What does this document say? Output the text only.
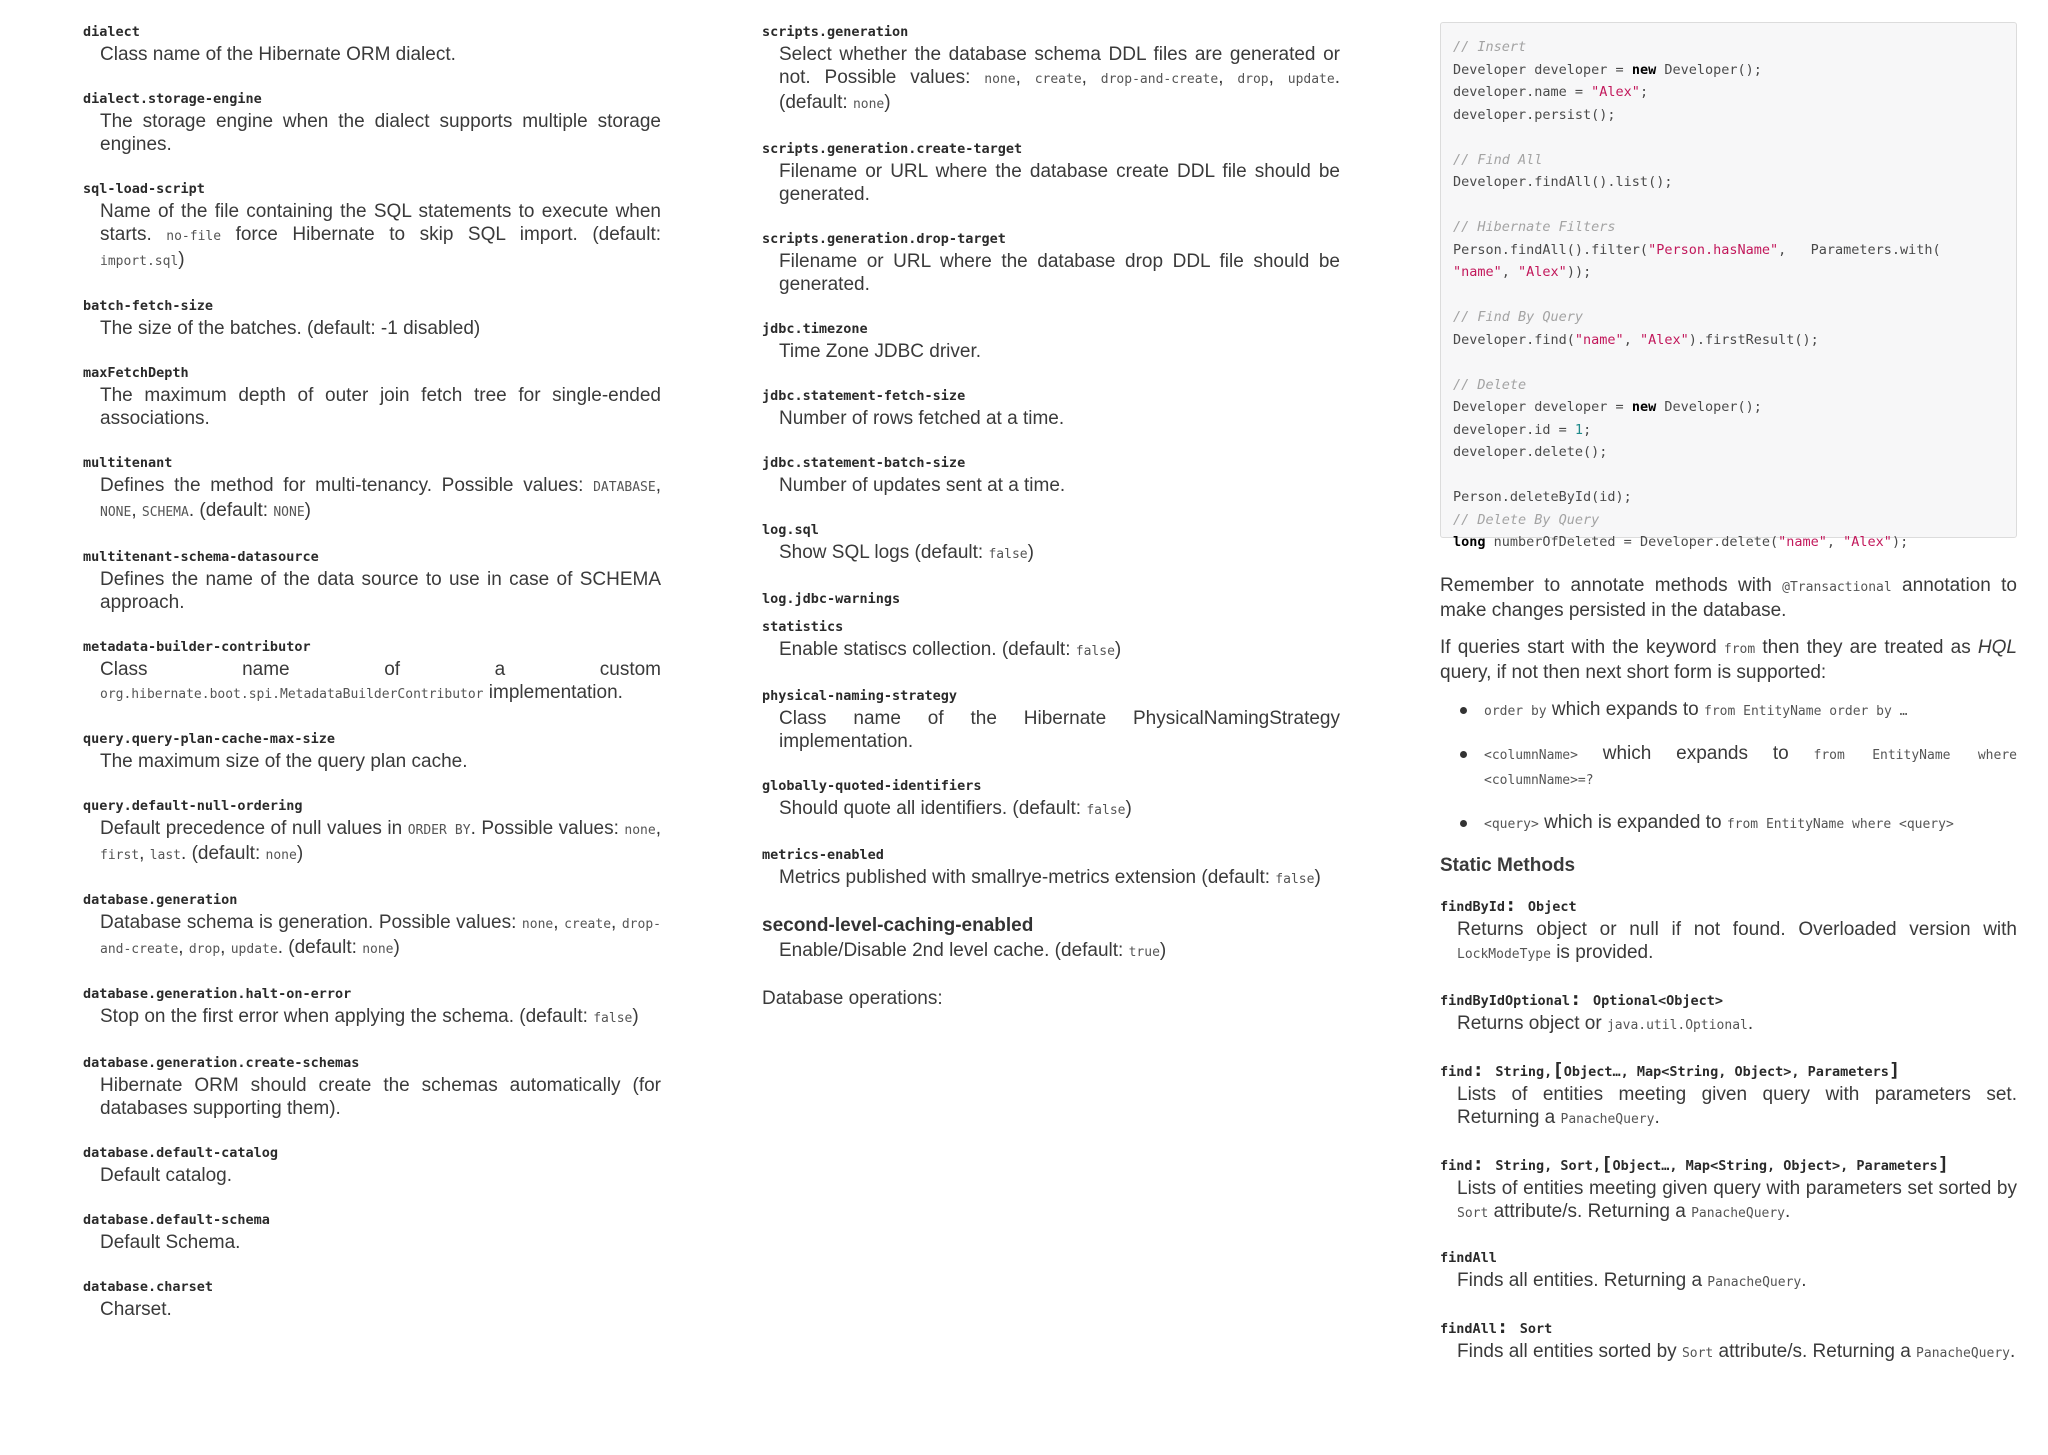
dialect
Class name of the Hibernate ORM dialect.
dialect.storage-engine
The storage engine when the dialect supports multiple storage engines.
sql-load-script
Name of the file containing the SQL statements to execute when starts. no-file force Hibernate to skip SQL import. (default: import.sql)
batch-fetch-size
The size of the batches. (default: -1 disabled)
maxFetchDepth
The maximum depth of outer join fetch tree for single-ended associations.
multitenant
Defines the method for multi-tenancy. Possible values: DATABASE, NONE, SCHEMA. (default: NONE)
multitenant-schema-datasource
Defines the name of the data source to use in case of SCHEMA approach.
metadata-builder-contributor
Class name of a custom org.hibernate.boot.spi.MetadataBuilderContributor implementation.
query.query-plan-cache-max-size
The maximum size of the query plan cache.
query.default-null-ordering
Default precedence of null values in ORDER BY. Possible values: none, first, last. (default: none)
database.generation
Database schema is generation. Possible values: none, create, drop-and-create, drop, update. (default: none)
database.generation.halt-on-error
Stop on the first error when applying the schema. (default: false)
database.generation.create-schemas
Hibernate ORM should create the schemas automatically (for databases supporting them).
database.default-catalog
Default catalog.
database.default-schema
Default Schema.
database.charset
Charset.
scripts.generation
Select whether the database schema DDL files are generated or not. Possible values: none, create, drop-and-create, drop, update. (default: none)
scripts.generation.create-target
Filename or URL where the database create DDL file should be generated.
scripts.generation.drop-target
Filename or URL where the database drop DDL file should be generated.
jdbc.timezone
Time Zone JDBC driver.
jdbc.statement-fetch-size
Number of rows fetched at a time.
jdbc.statement-batch-size
Number of updates sent at a time.
log.sql
Show SQL logs (default: false)
log.jdbc-warnings
statistics
Enable statiscs collection. (default: false)
physical-naming-strategy
Class name of the Hibernate PhysicalNamingStrategy implementation.
globally-quoted-identifiers
Should quote all identifiers. (default: false)
metrics-enabled
Metrics published with smallrye-metrics extension (default: false)
second-level-caching-enabled
Enable/Disable 2nd level cache. (default: true)
Database operations:
// Insert
Developer developer = new Developer();
developer.name = "Alex";
developer.persist();
// Find All
Developer.findAll().list();
// Hibernate Filters
Person.findAll().filter("Person.hasName",   Parameters.with(
"name", "Alex"));
// Find By Query
Developer.find("name", "Alex").firstResult();
// Delete
Developer developer = new Developer();
developer.id = 1;
developer.delete();
Person.deleteById(id);
// Delete By Query
long numberOfDeleted = Developer.delete("name", "Alex");
Remember to annotate methods with @Transactional annotation to make changes persisted in the database.
If queries start with the keyword from then they are treated as HQL query, if not then next short form is supported:
order by which expands to from EntityName order by …
<columnName> which expands to from EntityName where <columnName>=?
<query> which is expanded to from EntityName where <query>
Static Methods
findById: Object
Returns object or null if not found. Overloaded version with LockModeType is provided.
findByIdOptional: Optional<Object>
Returns object or java.util.Optional.
find: String,[Object…, Map<String, Object>, Parameters]
Lists of entities meeting given query with parameters set. Returning a PanacheQuery.
find: String, Sort,[Object…, Map<String, Object>, Parameters]
Lists of entities meeting given query with parameters set sorted by Sort attribute/s. Returning a PanacheQuery.
findAll
Finds all entities. Returning a PanacheQuery.
findAll: Sort
Finds all entities sorted by Sort attribute/s. Returning a PanacheQuery.
